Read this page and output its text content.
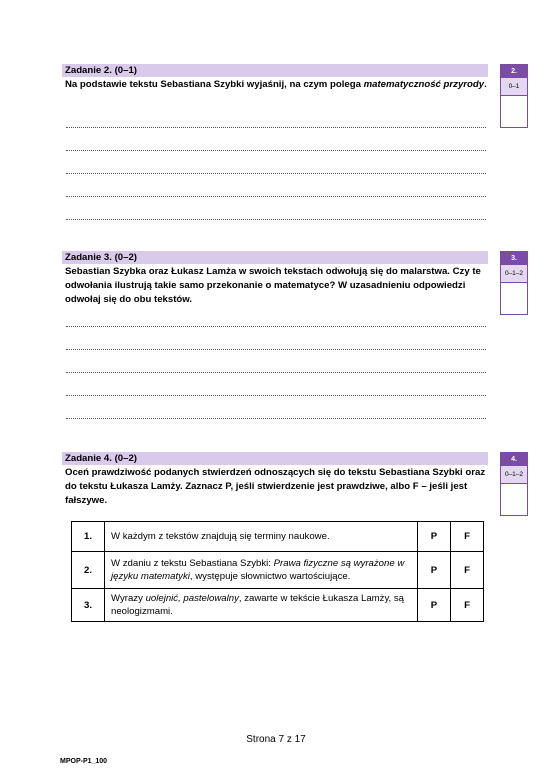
Zadanie 2. (0–1)
Na podstawie tekstu Sebastiana Szybki wyjaśnij, na czym polega matematyczność przyrody.
2.
0–1
Zadanie 3. (0–2)
Sebastian Szybka oraz Łukasz Lamża w swoich tekstach odwołują się do malarstwa. Czy te odwołania ilustrują takie samo przekonanie o matematyce? W uzasadnieniu odpowiedzi odwołaj się do obu tekstów.
3.
0–1–2
Zadanie 4. (0–2)
Oceń prawdziwość podanych stwierdzeń odnoszących się do tekstu Sebastiana Szybki oraz do tekstu Łukasza Lamży. Zaznacz P, jeśli stwierdzenie jest prawdziwe, albo F – jeśli jest fałszywe.
4.
0–1–2
1.	W każdym z tekstów znajdują się terminy naukowe.	P	F
2.	W zdaniu z tekstu Sebastiana Szybki: Prawa fizyczne są wyrażone w języku matematyki, występuje słownictwo wartościujące.	P	F
3.	Wyrazy uolejnić, pastelowalny, zawarte w tekście Łukasza Lamży, są neologizmami.	P	F
Strona 7 z 17
MPOP-P1_100
